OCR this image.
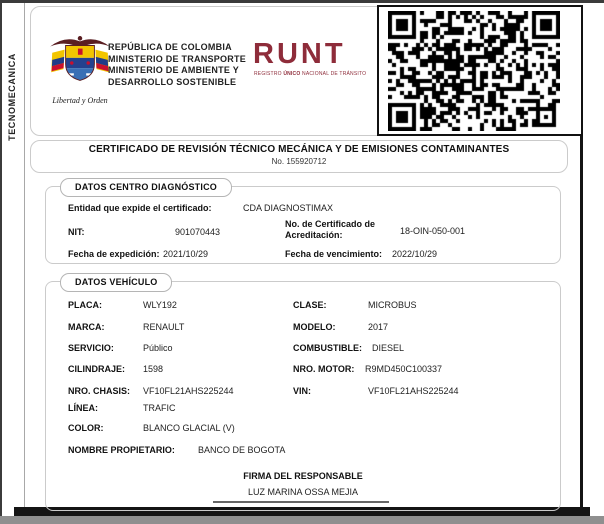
TECNOMECANICA	Libertad y Orden
REPÚBLICA DE COLOMBIA
MINISTERIO DE TRANSPORTE
MINISTERIO DE AMBIENTE Y
DESARROLLO SOSTENIBLE
RUNT
REGISTRO ÚNICO NACIONAL DE TRÁNSITO
CERTIFICADO DE REVISIÓN TÉCNICO MECÁNICA Y DE EMISIONES CONTAMINANTES
No. 155920712
DATOS CENTRO DIAGNÓSTICO
Entidad que expide el certificado:	CDA DIAGNOSTIMAX
NIT:	901070443
No. de Certificado de Acreditación:	18-OIN-050-001
Fecha de expedición: 2021/10/29	Fecha de vencimiento: 2022/10/29
DATOS VEHÍCULO
PLACA:	WLY192	CLASE:	MICROBUS
MARCA:	RENAULT	MODELO:	2017
SERVICIO:	Público	COMBUSTIBLE: DIESEL
CILINDRAJE: 1598	NRO. MOTOR: R9MD450C100337
NRO. CHASIS: VF10FL21AHS225244	VIN:	VF10FL21AHS225244
LÍNEA:	TRAFIC
COLOR:	BLANCO GLACIAL (V)
NOMBRE PROPIETARIO:	BANCO DE BOGOTA
FIRMA DEL RESPONSABLE
LUZ MARINA OSSA MEJIA
